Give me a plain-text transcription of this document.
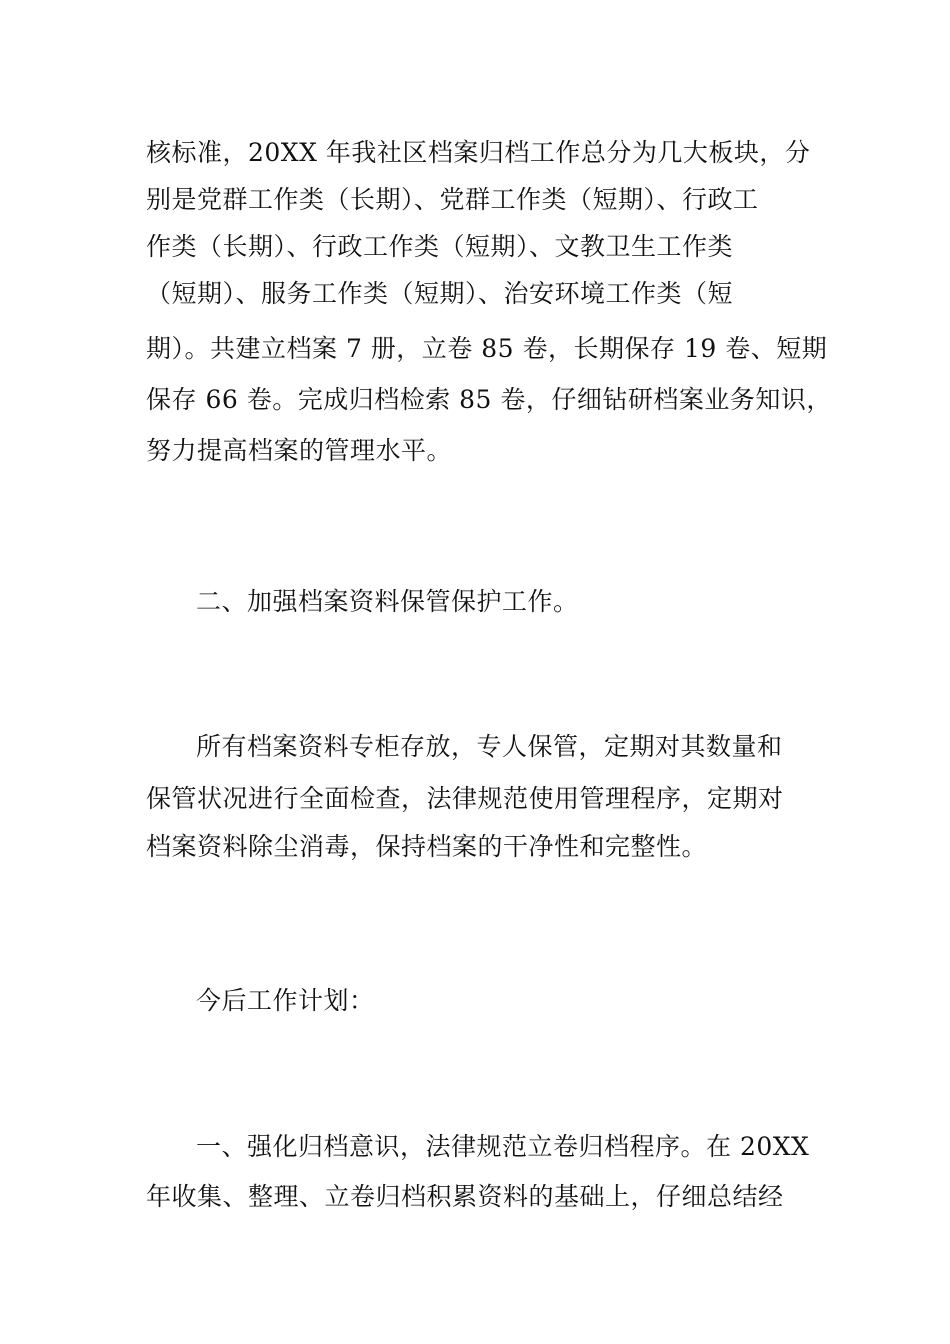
核标准，20XX 年我社区档案归档工作总分为几大板块，分
别是党群工作类（长期）、党群工作类（短期）、行政工
作类（长期）、行政工作类（短期）、文教卫生工作类
（短期）、服务工作类（短期）、治安环境工作类（短
期）。共建立档案 7 册，立卷 85 卷，长期保存 19 卷、短期
保存 66 卷。完成归档检索 85 卷，仔细钻研档案业务知识，
努力提高档案的管理水平。
二、加强档案资料保管保护工作。
所有档案资料专柜存放，专人保管，定期对其数量和
保管状况进行全面检查，法律规范使用管理程序，定期对
档案资料除尘消毒，保持档案的干净性和完整性。
今后工作计划：
一、强化归档意识，法律规范立卷归档程序。在 20XX
年收集、整理、立卷归档积累资料的基础上，仔细总结经
